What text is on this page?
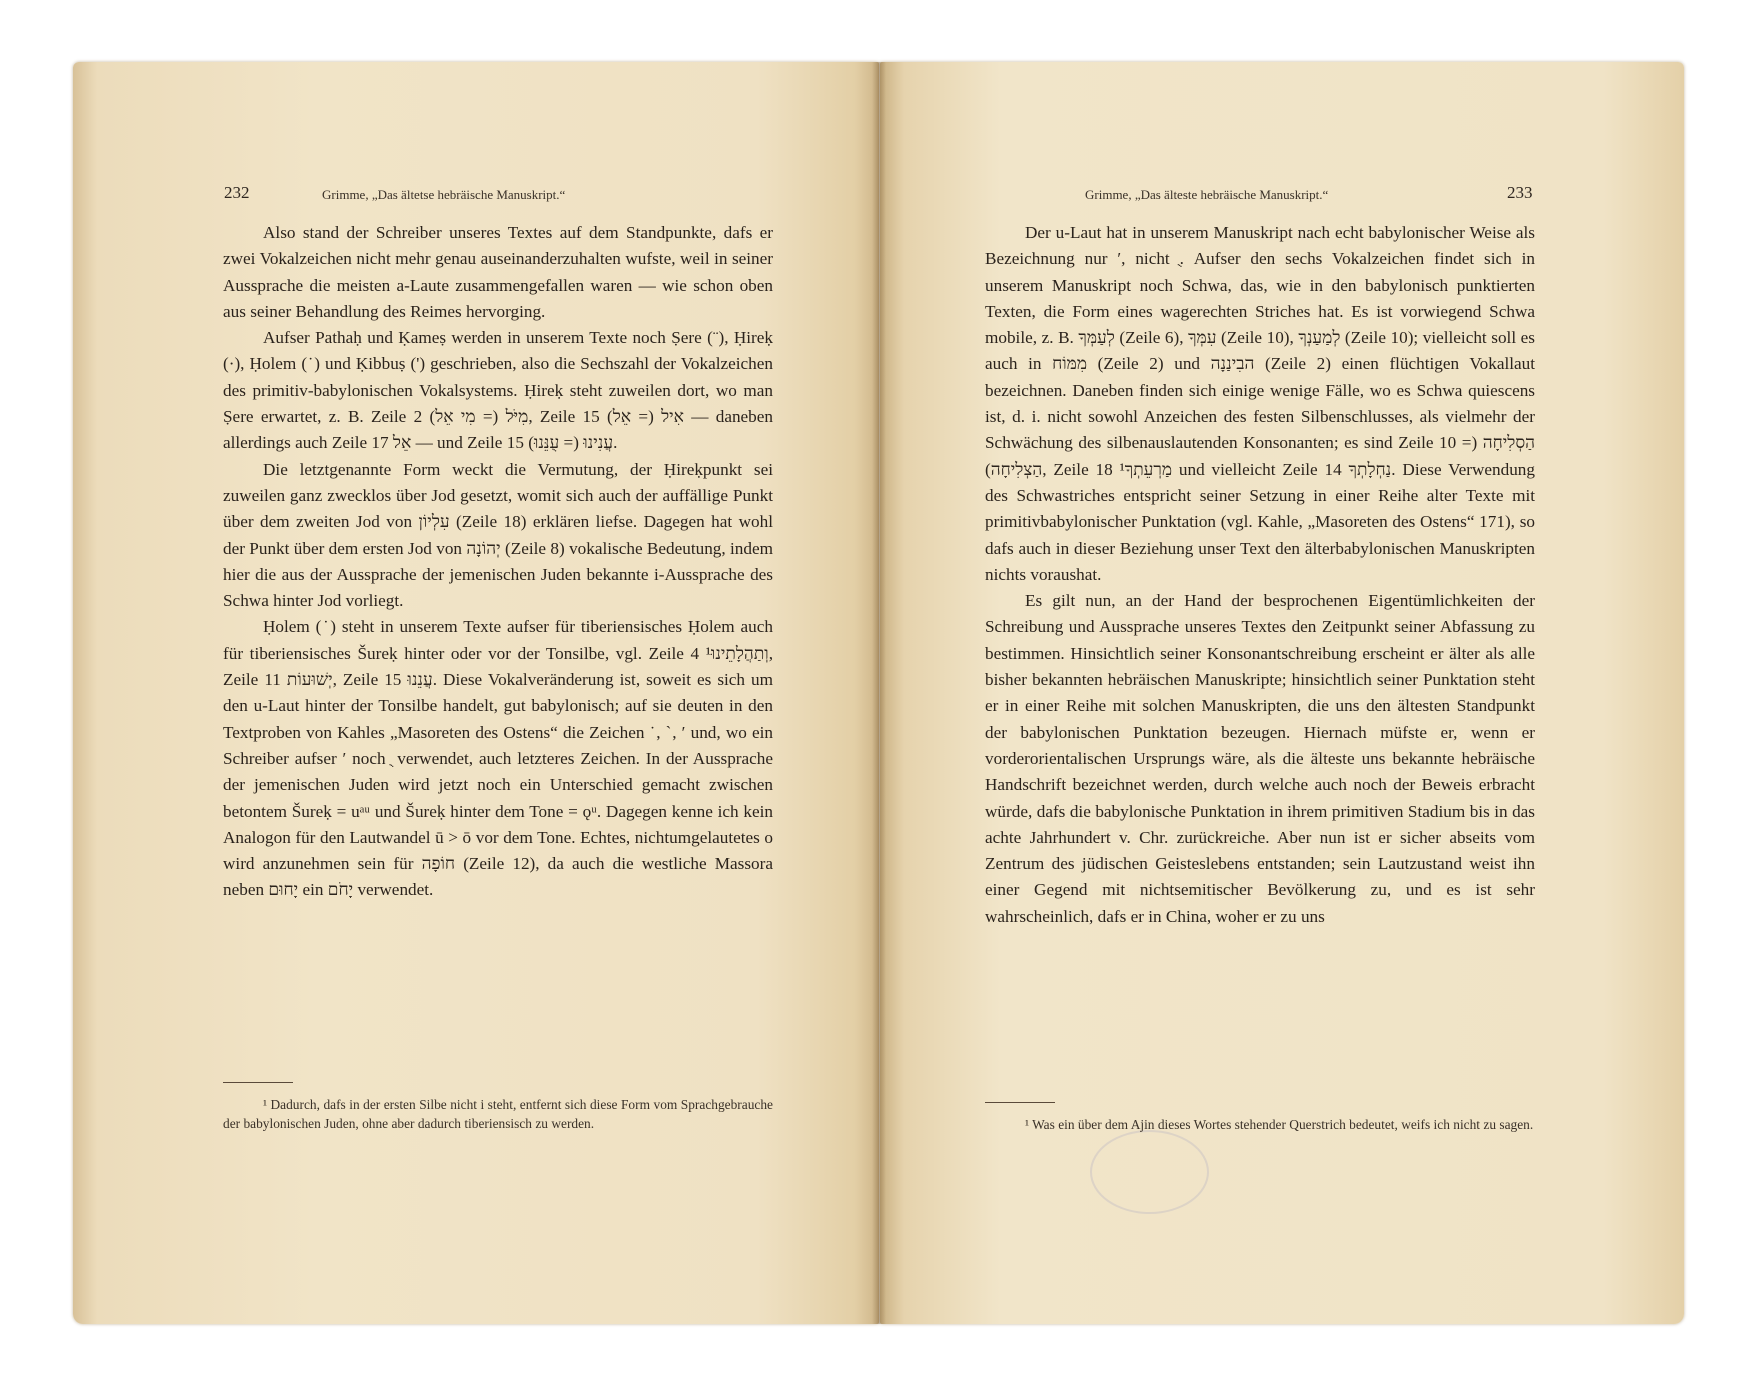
232	Grimme, „Das ältetse hebräische Manuskript.“

Also stand der Schreiber unseres Textes auf dem Standpunkte, dafs er zwei Vokalzeichen nicht mehr genau auseinanderzuhalten wufste, weil in seiner Aussprache die meisten a-Laute zusammengefallen waren — wie schon oben aus seiner Behandlung des Reimes hervorging.

Aufser Pathaḥ und Ḳameṣ werden in unserem Texte noch Ṣere (¨), Ḥireḳ (·), Ḥolem (˙) und Ḳibbuṣ (') geschrieben, also die Sechszahl der Vokalzeichen des primitiv-babylonischen Vokalsystems. Ḥireḳ steht zuweilen dort, wo man Ṣere erwartet, z. B. Zeile 2 מִיֹּל (= מִי אֵל), Zeile 15 אִיל (= אֵל) — daneben allerdings auch Zeile 17 אֵל — und Zeile 15 עֲנִינוּ (= עֻנֵּנוּ).

Die letztgenannte Form weckt die Vermutung, der Ḥireḳpunkt sei zuweilen ganz zwecklos über Jod gesetzt, womit sich auch der auffällige Punkt über dem zweiten Jod von עִלְיוֹן (Zeile 18) erklären liefse. Dagegen hat wohl der Punkt über dem ersten Jod von יְהוֹנָה (Zeile 8) vokalische Bedeutung, indem hier die aus der Aussprache der jemenischen Juden bekannte i-Aussprache des Schwa hinter Jod vorliegt.

Ḥolem (˙) steht in unserem Texte aufser für tiberiensisches Ḥolem auch für tiberiensisches Šureḳ hinter oder vor der Tonsilbe, vgl. Zeile 4 וְתַהֲלָתֵינוּ¹, Zeile 11 יְשׁוּעוֹת, Zeile 15 עֲנֵנוּ. Diese Vokalveränderung ist, soweit es sich um den u-Laut hinter der Tonsilbe handelt, gut babylonisch; auf sie deuten in den Textproben von Kahles „Masoreten des Ostens“ die Zeichen ˙, ˋ, ʹ und, wo ein Schreiber aufser ʹ noch ֻ verwendet, auch letzteres Zeichen. In der Aussprache der jemenischen Juden wird jetzt noch ein Unterschied gemacht zwischen betontem Šureḳ = uᵃᵘ und Šureḳ hinter dem Tone = ǫᵘ. Dagegen kenne ich kein Analogon für den Lautwandel ū > ō vor dem Tone. Echtes, nichtumgelautetes o wird anzunehmen sein für חוֹפָה (Zeile 12), da auch die westliche Massora neben יָחוּם ein יָחֹם verwendet.

¹ Dadurch, dafs in der ersten Silbe nicht i steht, entfernt sich diese Form vom Sprachgebrauche der babylonischen Juden, ohne aber dadurch tiberiensisch zu werden.

Grimme, „Das älteste hebräische Manuskript.“	233

Der u-Laut hat in unserem Manuskript nach echt babylonischer Weise als Bezeichnung nur ʹ, nicht ֻ. Aufser den sechs Vokalzeichen findet sich in unserem Manuskript noch Schwa, das, wie in den babylonisch punktierten Texten, die Form eines wagerechten Striches hat. Es ist vorwiegend Schwa mobile, z. B. לְעַמְּךָ (Zeile 6), עִמְּךָ (Zeile 10), לְמַעַנְךָ (Zeile 10); vielleicht soll es auch in מִמּוֹח (Zeile 2) und הבִינַנָה (Zeile 2) einen flüchtigen Vokallaut bezeichnen. Daneben finden sich einige wenige Fälle, wo es Schwa quiescens ist, d. i. nicht sowohl Anzeichen des festen Silbenschlusses, als vielmehr der Schwächung des silbenauslautenden Konsonanten; es sind Zeile 10 הַסְלִיחָה (= הַצְלִיחָה), Zeile 18 מַרְעֵתְךָ¹ und vielleicht Zeile 14 נַחְלָתְךָ. Diese Verwendung des Schwastriches entspricht seiner Setzung in einer Reihe alter Texte mit primitivbabylonischer Punktation (vgl. Kahle, „Masoreten des Ostens“ 171), so dafs auch in dieser Beziehung unser Text den älterbabylonischen Manuskripten nichts voraushat.

Es gilt nun, an der Hand der besprochenen Eigentümlichkeiten der Schreibung und Aussprache unseres Textes den Zeitpunkt seiner Abfassung zu bestimmen. Hinsichtlich seiner Konsonantschreibung erscheint er älter als alle bisher bekannten hebräischen Manuskripte; hinsichtlich seiner Punktation steht er in einer Reihe mit solchen Manuskripten, die uns den ältesten Standpunkt der babylonischen Punktation bezeugen. Hiernach müfste er, wenn er vorderorientalischen Ursprungs wäre, als die älteste uns bekannte hebräische Handschrift bezeichnet werden, durch welche auch noch der Beweis erbracht würde, dafs die babylonische Punktation in ihrem primitiven Stadium bis in das achte Jahrhundert v. Chr. zurückreiche. Aber nun ist er sicher abseits vom Zentrum des jüdischen Geisteslebens entstanden; sein Lautzustand weist ihn einer Gegend mit nichtsemitischer Bevölkerung zu, und es ist sehr wahrscheinlich, dafs er in China, woher er zu uns

¹ Was ein über dem Ajin dieses Wortes stehender Querstrich bedeutet, weifs ich nicht zu sagen.
